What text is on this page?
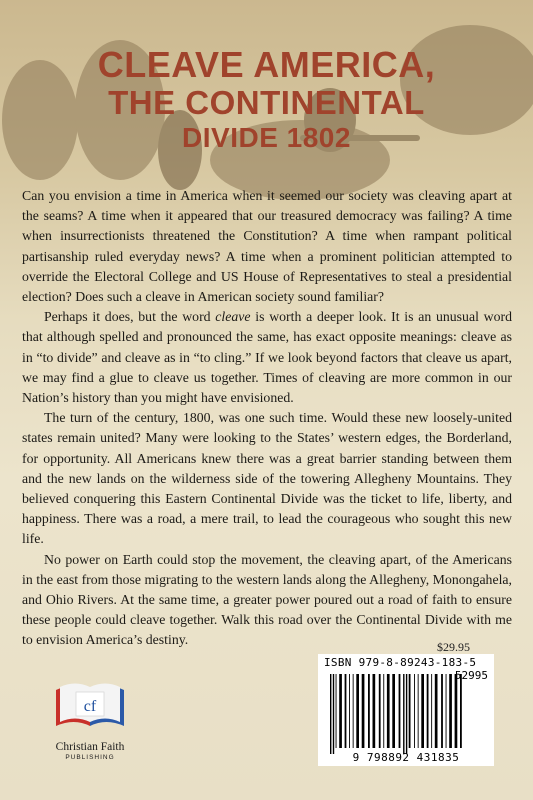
CLEAVE AMERICA,
THE CONTINENTAL
DIVIDE 1802

Can you envision a time in America when it seemed our society was cleaving apart at the seams? A time when it appeared that our treasured democracy was failing? A time when insurrectionists threatened the Constitution? A time when rampant political partisanship ruled everyday news? A time when a prominent politician attempted to override the Electoral College and US House of Representatives to steal a presidential election? Does such a cleave in American society sound familiar?

Perhaps it does, but the word cleave is worth a deeper look. It is an unusual word that although spelled and pronounced the same, has exact opposite meanings: cleave as in “to divide” and cleave as in “to cling.” If we look beyond factors that cleave us apart, we may find a glue to cleave us together. Times of cleaving are more common in our Nation’s history than you might have envisioned.

The turn of the century, 1800, was one such time. Would these new loosely-united states remain united? Many were looking to the States’ western edges, the Borderland, for opportunity. All Americans knew there was a great barrier standing between them and the new lands on the wilderness side of the towering Allegheny Mountains. They believed conquering this Eastern Continental Divide was the ticket to life, liberty, and happiness. There was a road, a mere trail, to lead the courageous who sought this new life.

No power on Earth could stop the movement, the cleaving apart, of the Americans in the east from those migrating to the western lands along the Allegheny, Monongahela, and Ohio Rivers. At the same time, a greater power poured out a road of faith to ensure these people could cleave together. Walk this road over the Continental Divide with me to envision America’s destiny.	$29.95
ISBN 979-8-89243-183-5
52995
9 798892 431835
cf
Christian Faith
PUBLISHING
